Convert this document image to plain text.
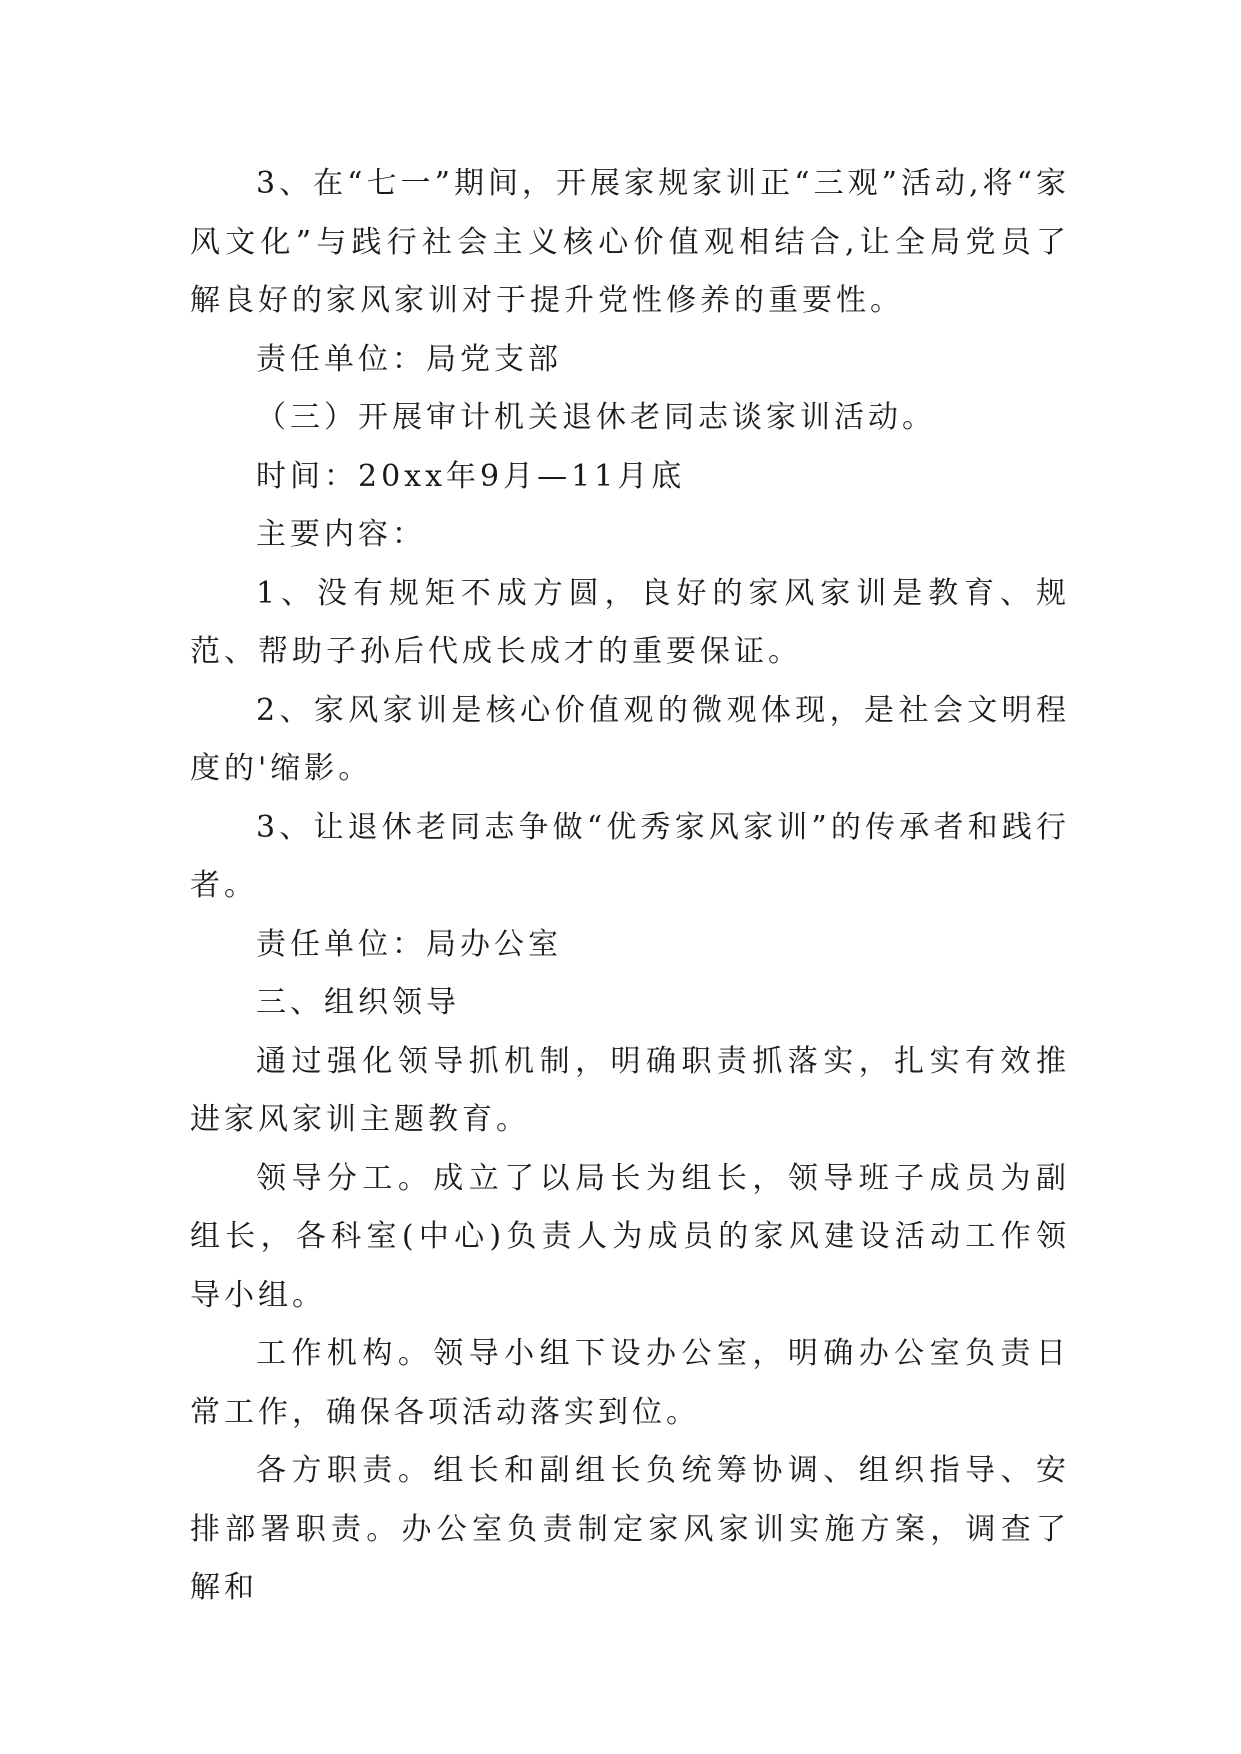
3、在“七一”期间，开展家规家训正“三观”活动,将“家风文化”与践行社会主义核心价值观相结合,让全局党员了解良好的家风家训对于提升党性修养的重要性。

责任单位：局党支部

（三）开展审计机关退休老同志谈家训活动。

时间：20xx年9月—11月底

主要内容：

1、没有规矩不成方圆，良好的家风家训是教育、规范、帮助子孙后代成长成才的重要保证。

2、家风家训是核心价值观的微观体现，是社会文明程度的'缩影。

3、让退休老同志争做“优秀家风家训”的传承者和践行者。

责任单位：局办公室

三、组织领导

通过强化领导抓机制，明确职责抓落实，扎实有效推进家风家训主题教育。

领导分工。成立了以局长为组长，领导班子成员为副组长，各科室(中心)负责人为成员的家风建设活动工作领导小组。

工作机构。领导小组下设办公室，明确办公室负责日常工作，确保各项活动落实到位。

各方职责。组长和副组长负统筹协调、组织指导、安排部署职责。办公室负责制定家风家训实施方案，调查了解和
